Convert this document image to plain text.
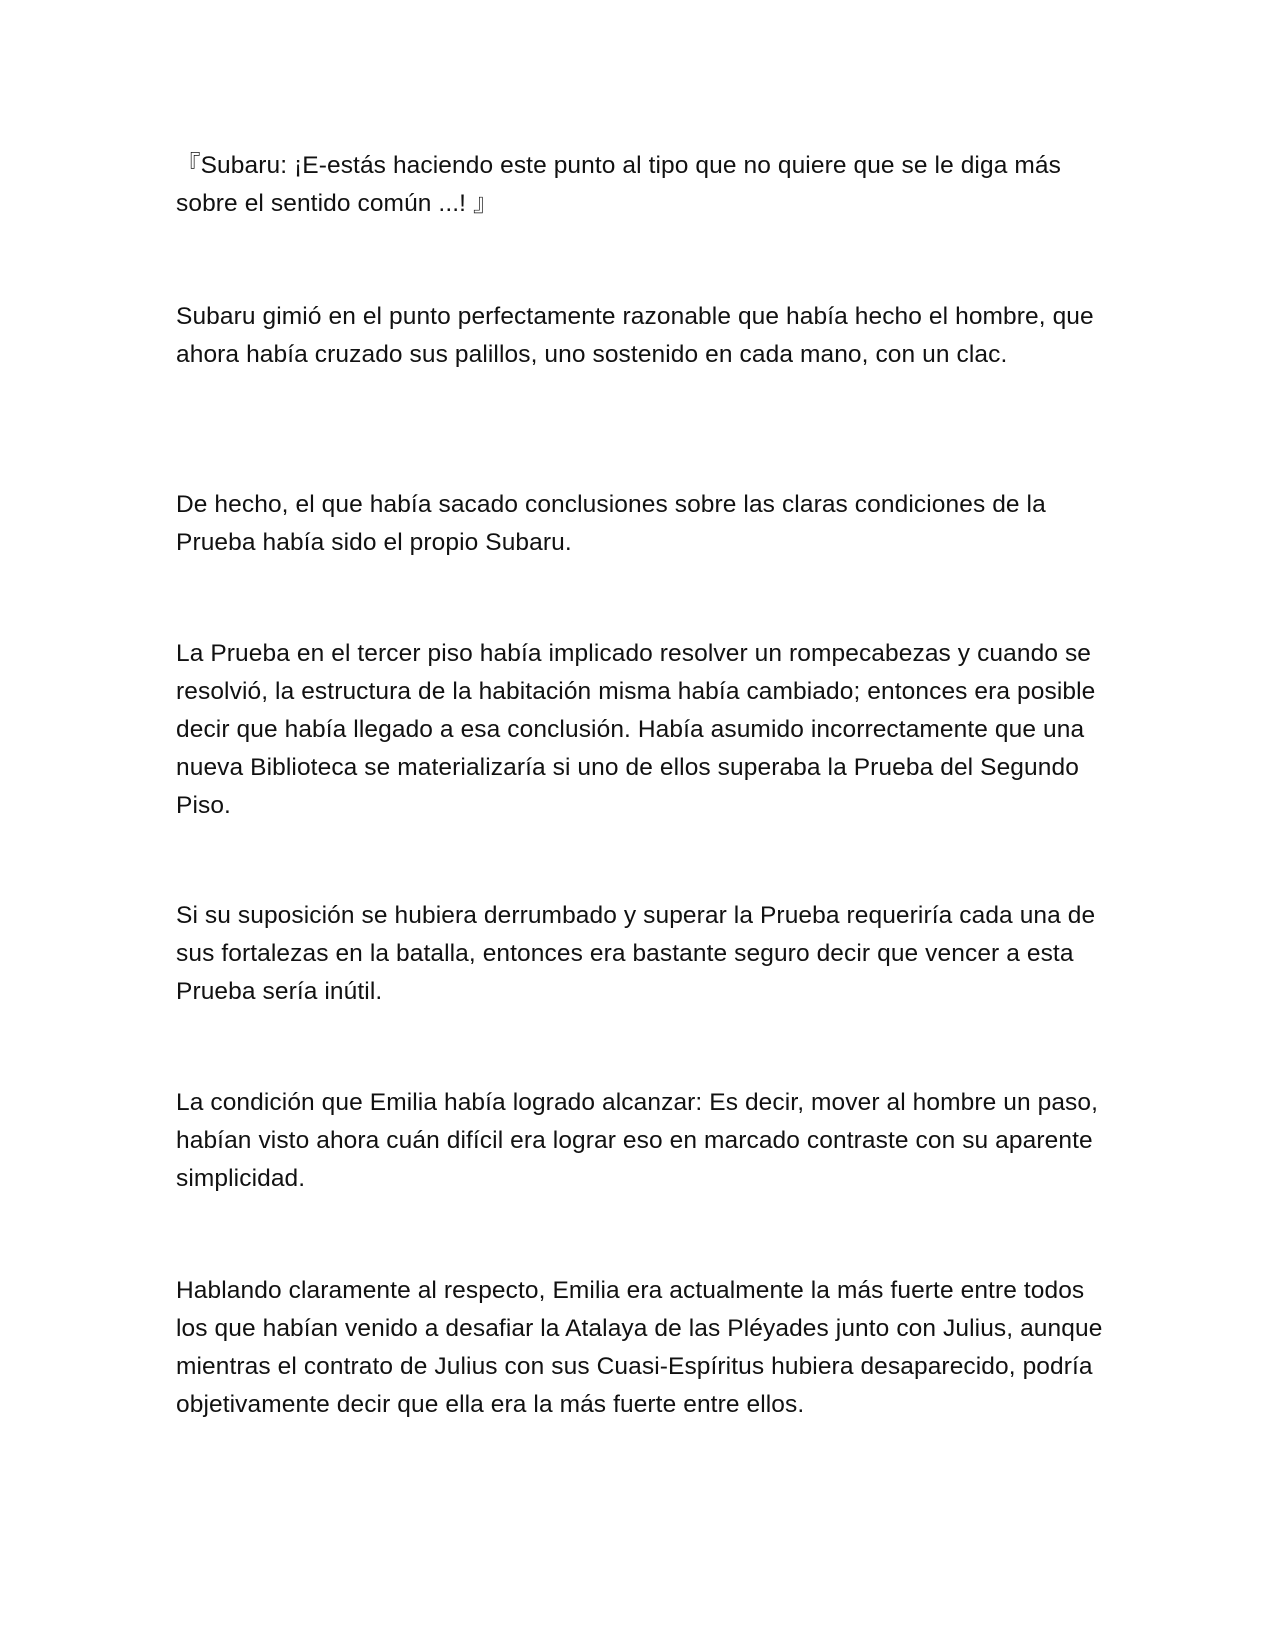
『Subaru: ¡E-estás haciendo este punto al tipo que no quiere que se le diga más sobre el sentido común ...! 』

Subaru gimió en el punto perfectamente razonable que había hecho el hombre, que ahora había cruzado sus palillos, uno sostenido en cada mano, con un clac.

De hecho, el que había sacado conclusiones sobre las claras condiciones de la Prueba había sido el propio Subaru.

La Prueba en el tercer piso había implicado resolver un rompecabezas y cuando se resolvió, la estructura de la habitación misma había cambiado; entonces era posible decir que había llegado a esa conclusión. Había asumido incorrectamente que una nueva Biblioteca se materializaría si uno de ellos superaba la Prueba del Segundo Piso.

Si su suposición se hubiera derrumbado y superar la Prueba requeriría cada una de sus fortalezas en la batalla, entonces era bastante seguro decir que vencer a esta Prueba sería inútil.

La condición que Emilia había logrado alcanzar: Es decir, mover al hombre un paso, habían visto ahora cuán difícil era lograr eso en marcado contraste con su aparente simplicidad.

Hablando claramente al respecto, Emilia era actualmente la más fuerte entre todos los que habían venido a desafiar la Atalaya de las Pléyades junto con Julius, aunque mientras el contrato de Julius con sus Cuasi-Espíritus hubiera desaparecido, podría objetivamente decir que ella era la más fuerte entre ellos.
